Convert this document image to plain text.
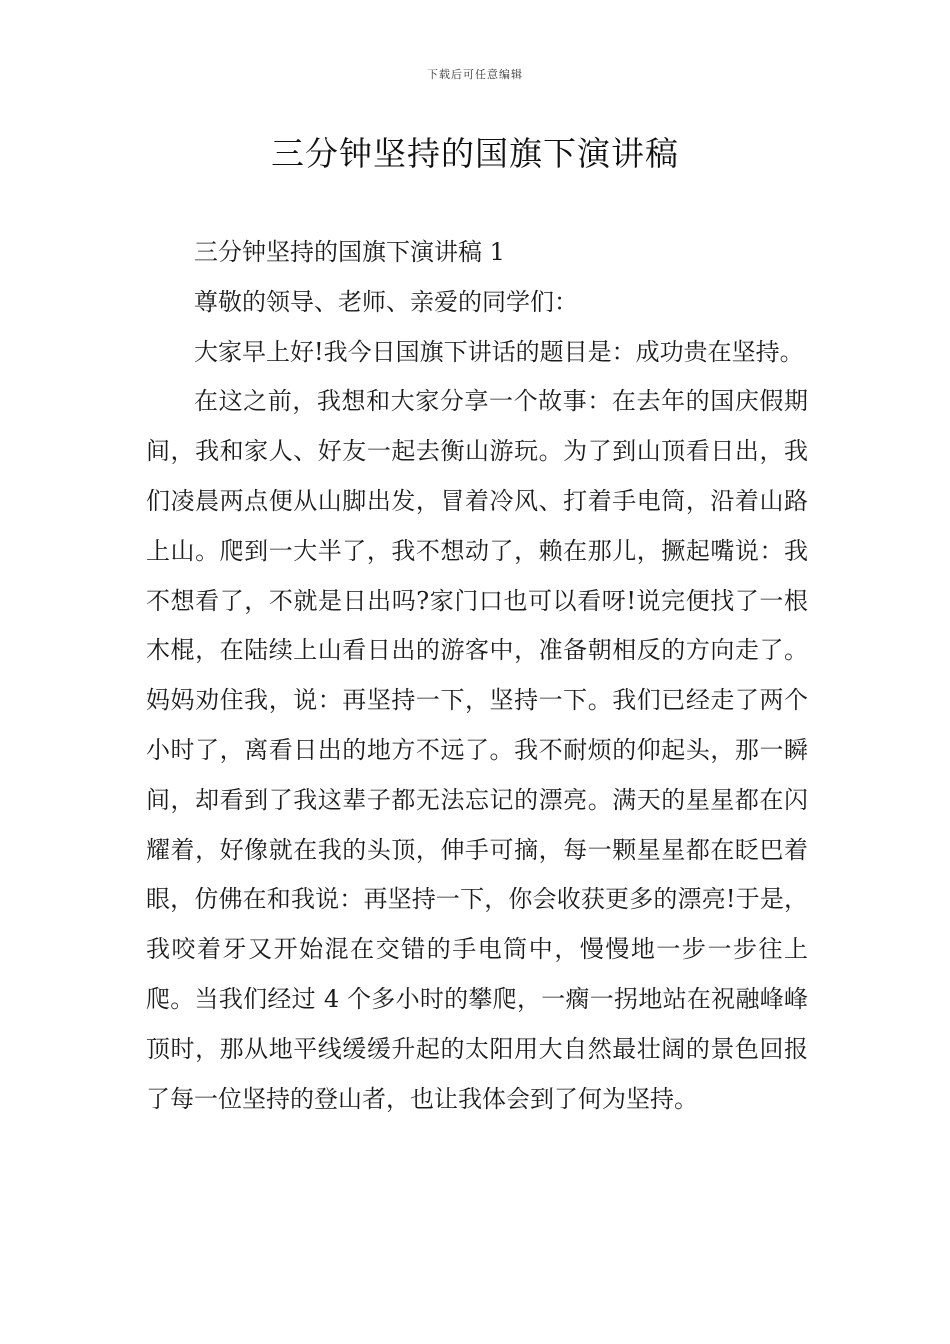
下载后可任意编辑
三分钟坚持的国旗下演讲稿

三分钟坚持的国旗下演讲稿 1

尊敬的领导、老师、亲爱的同学们：

大家早上好!我今日国旗下讲话的题目是：成功贵在坚持。

在这之前，我想和大家分享一个故事：在去年的国庆假期间，我和家人、好友一起去衡山游玩。为了到山顶看日出，我们凌晨两点便从山脚出发，冒着冷风、打着手电筒，沿着山路上山。爬到一大半了，我不想动了，赖在那儿，撅起嘴说：我不想看了，不就是日出吗?家门口也可以看呀!说完便找了一根木棍，在陆续上山看日出的游客中，准备朝相反的方向走了。妈妈劝住我，说：再坚持一下，坚持一下。我们已经走了两个小时了，离看日出的地方不远了。我不耐烦的仰起头，那一瞬间，却看到了我这辈子都无法忘记的漂亮。满天的星星都在闪耀着，好像就在我的头顶，伸手可摘，每一颗星星都在眨巴着眼，仿佛在和我说：再坚持一下，你会收获更多的漂亮!于是，我咬着牙又开始混在交错的手电筒中，慢慢地一步一步往上爬。当我们经过 4 个多小时的攀爬，一瘸一拐地站在祝融峰峰顶时，那从地平线缓缓升起的太阳用大自然最壮阔的景色回报了每一位坚持的登山者，也让我体会到了何为坚持。
